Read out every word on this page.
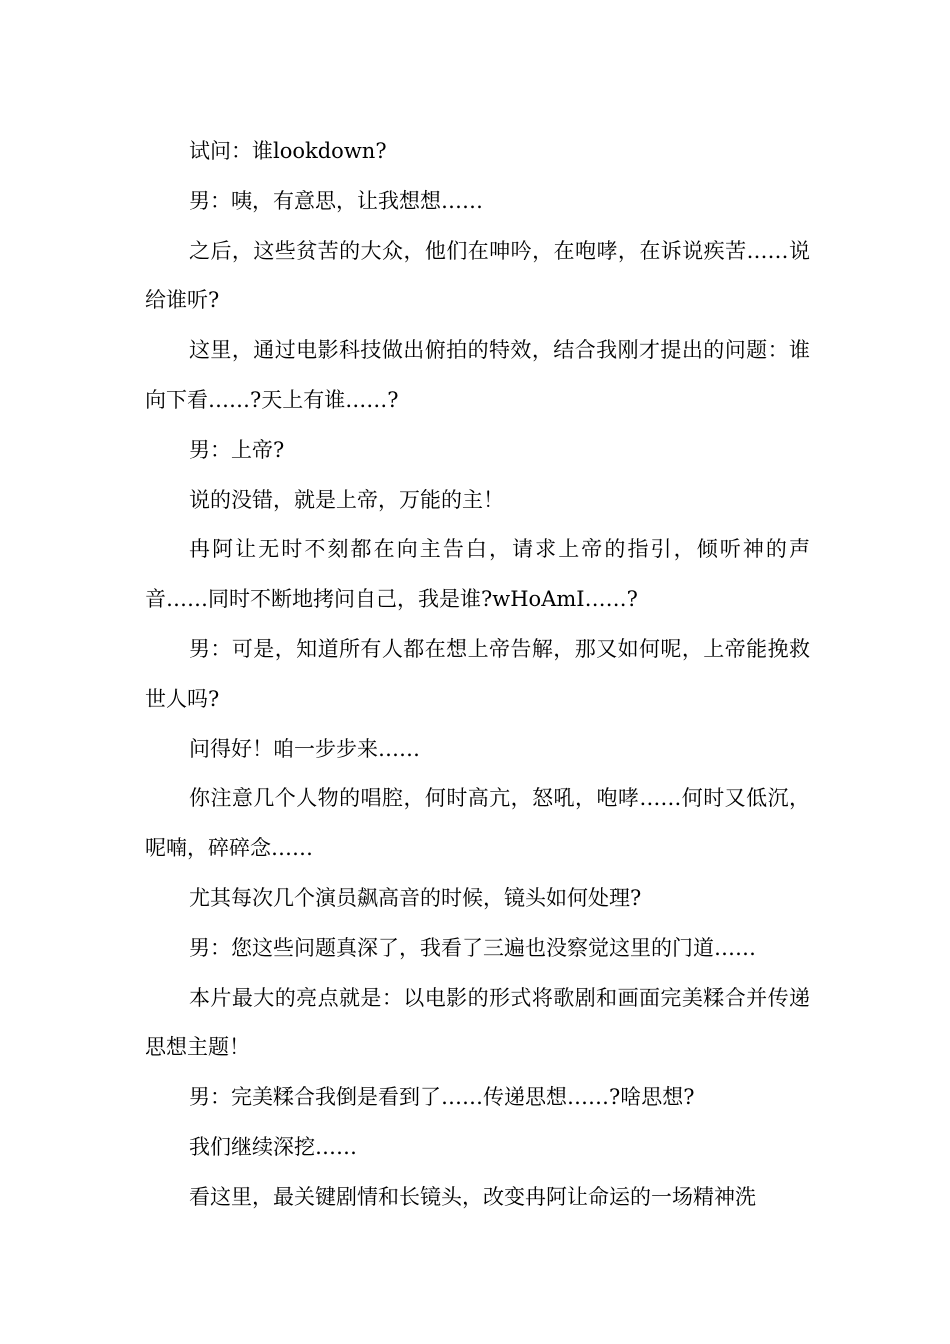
试问：谁lookdown?

男：咦，有意思，让我想想……

之后，这些贫苦的大众，他们在呻吟，在咆哮，在诉说疾苦……说给谁听?

这里，通过电影科技做出俯拍的特效，结合我刚才提出的问题：谁向下看……?天上有谁……?

男：上帝?

说的没错，就是上帝，万能的主！

冉阿让无时不刻都在向主告白，请求上帝的指引，倾听神的声音……同时不断地拷问自己，我是谁?wHoAmI……?

男：可是，知道所有人都在想上帝告解，那又如何呢，上帝能挽救世人吗?

问得好！咱一步步来……

你注意几个人物的唱腔，何时高亢，怒吼，咆哮……何时又低沉，呢喃，碎碎念……

尤其每次几个演员飙高音的时候，镜头如何处理?

男：您这些问题真深了，我看了三遍也没察觉这里的门道……

本片最大的亮点就是：以电影的形式将歌剧和画面完美糅合并传递思想主题！

男：完美糅合我倒是看到了……传递思想……?啥思想?

我们继续深挖……

看这里，最关键剧情和长镜头，改变冉阿让命运的一场精神洗
